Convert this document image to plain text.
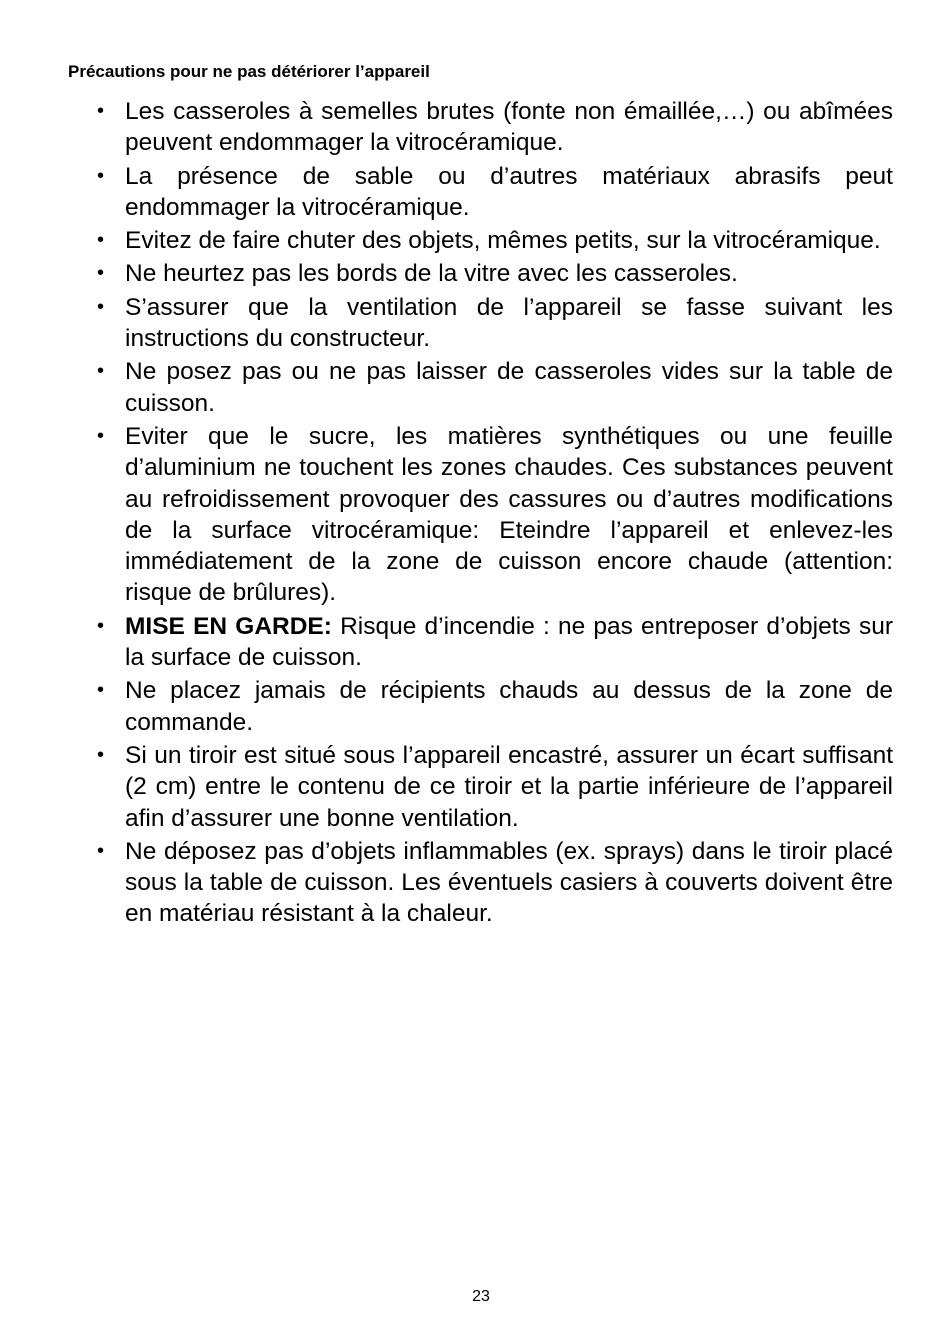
Précautions pour ne pas détériorer l’appareil
• Les casseroles à semelles brutes (fonte non émaillée,…) ou abîmées peuvent endommager la vitrocéramique.
• La présence de sable ou d’autres matériaux abrasifs peut endommager la vitrocéramique.
• Evitez de faire chuter des objets, mêmes petits, sur la vitrocéramique.
• Ne heurtez pas les bords de la vitre avec les casseroles.
• S’assurer que la ventilation de l’appareil se fasse suivant les instructions du constructeur.
• Ne posez pas ou ne pas laisser de casseroles vides sur la table de cuisson.
• Eviter que le sucre, les matières synthétiques ou une feuille d’aluminium ne touchent les zones chaudes. Ces substances peuvent au refroidissement provoquer des cassures ou d’autres modifications de la surface vitrocéramique: Eteindre l’appareil et enlevez-les immédiatement de la zone de cuisson encore chaude (attention: risque de brûlures).
• MISE EN GARDE: Risque d’incendie : ne pas entreposer d’objets sur la surface de cuisson.
• Ne placez jamais de récipients chauds au dessus de la zone de commande.
• Si un tiroir est situé sous l’appareil encastré, assurer un écart suffisant (2 cm) entre le contenu de ce tiroir et la partie inférieure de l’appareil afin d’assurer une bonne ventilation.
• Ne déposez pas d’objets inflammables (ex. sprays) dans le tiroir placé sous la table de cuisson. Les éventuels casiers à couverts doivent être en matériau résistant à la chaleur.
23
